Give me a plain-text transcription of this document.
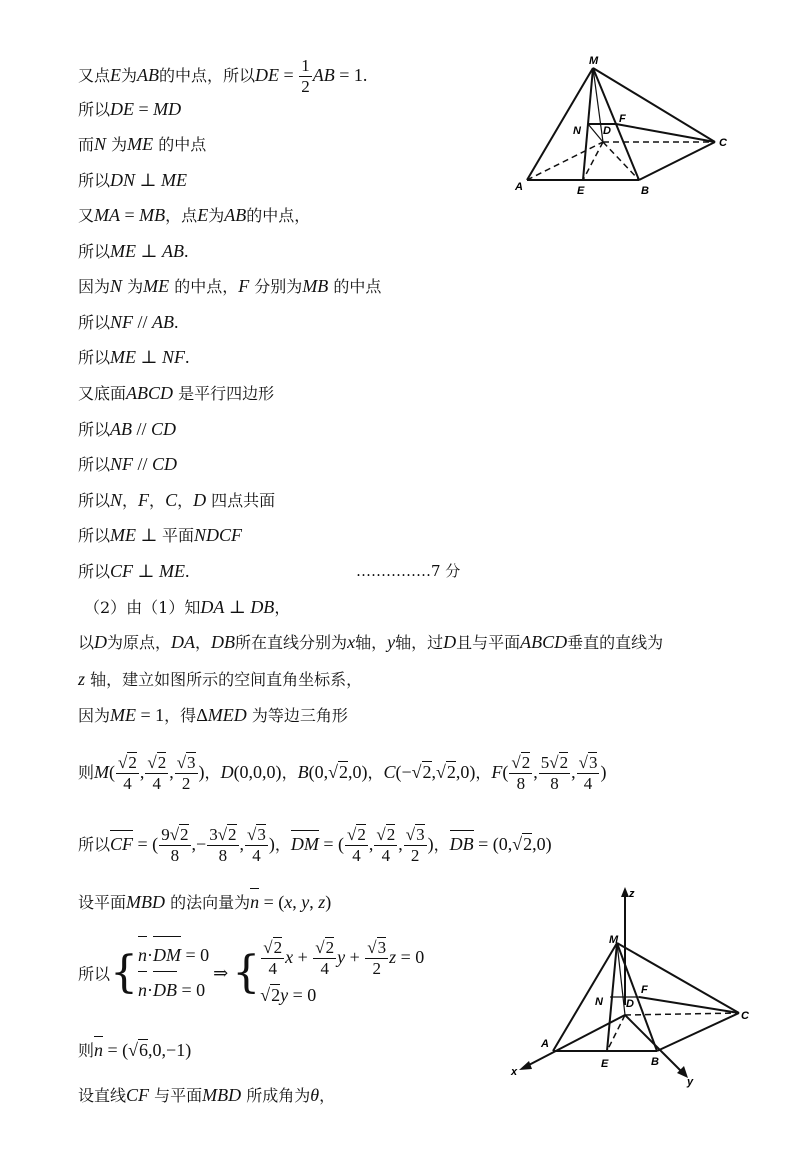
又点E为AB的中点，所以DE = $\frac{1}{2}$ AB = 1.
所以DE = MD
而N 为ME 的中点
所以DN ⊥ ME
又MA = MB，点E为AB的中点，
所以ME ⊥ AB.
因为N 为ME 的中点，F 分别为MB 的中点
所以NF // AB.
所以ME ⊥ NF.
又底面ABCD 是平行四边形
所以AB // CD
所以NF // CD
所以N，F，C，D 四点共面
所以ME ⊥ 平面NDCF
所以CF ⊥ ME.	……………7 分
（2）由（1）知DA ⊥ DB，
以D为原点，DA，DB所在直线分别为x轴，y轴，过D且与平面ABCD垂直的直线为
z 轴，建立如图所示的空间直角坐标系，
因为ME = 1，得ΔMED 为等边三角形
则$M( \frac{√2}{4}$ , $\frac{√2}{4}$ , $\frac{√3}{2}$ )，D(0,0,0)，B(0,√2,0)，C(−√2,√2,0)，$F( \frac{√2}{8}$ , $\frac{5√2}{8}$ , $\frac{√3}{4}$ )
所以CF = ( $\frac{9√2}{8}$ ,− $\frac{3√2}{8}$ , $\frac{√3}{4}$ )，DM = ( $\frac{√2}{4}$ , $\frac{√2}{4}$ , $\frac{√3}{2}$ )，DB = (0,√2,0)
设平面MBD 的法向量为n = (x, y, z)
所以{ n·DM = 0
n·DB = 0
⇒{ $\frac{√2}{4}$ $x + \frac{√2}{4}$ $y + \frac{√3}{2}$ z = 0
√2y = 0
则n = (√6,0,−1)
设直线CF 与平面MBD 所成角为θ，
M
N D
F
C
A	E	B
z
M
N D
F
C
A
E	B
x
y
